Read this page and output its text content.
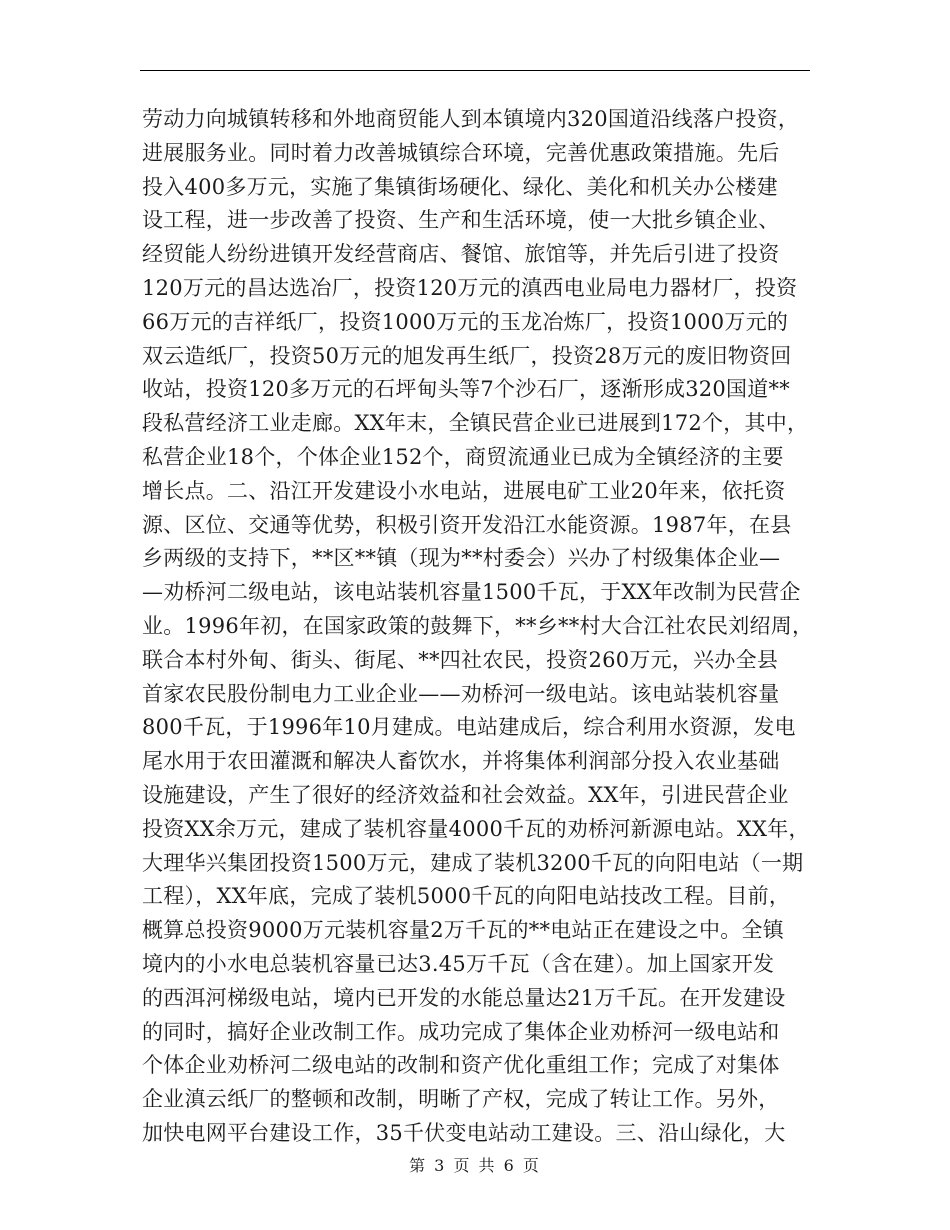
劳动力向城镇转移和外地商贸能人到本镇境内320国道沿线落户投资，
进展服务业。同时着力改善城镇综合环境，完善优惠政策措施。先后
投入400多万元，实施了集镇街场硬化、绿化、美化和机关办公楼建
设工程，进一步改善了投资、生产和生活环境，使一大批乡镇企业、
经贸能人纷纷进镇开发经营商店、餐馆、旅馆等，并先后引进了投资
120万元的昌达选冶厂，投资120万元的滇西电业局电力器材厂，投资
66万元的吉祥纸厂，投资1000万元的玉龙冶炼厂，投资1000万元的
双云造纸厂，投资50万元的旭发再生纸厂，投资28万元的废旧物资回
收站，投资120多万元的石坪甸头等7个沙石厂，逐渐形成320国道**
段私营经济工业走廊。XX年末，全镇民营企业已进展到172个，其中，
私营企业18个，个体企业152个，商贸流通业已成为全镇经济的主要
增长点。二、沿江开发建设小水电站，进展电矿工业20年来，依托资
源、区位、交通等优势，积极引资开发沿江水能资源。1987年，在县
乡两级的支持下，**区**镇（现为**村委会）兴办了村级集体企业—
—劝桥河二级电站，该电站装机容量1500千瓦，于XX年改制为民营企
业。1996年初，在国家政策的鼓舞下，**乡**村大合江社农民刘绍周，
联合本村外甸、街头、街尾、**四社农民，投资260万元，兴办全县
首家农民股份制电力工业企业——劝桥河一级电站。该电站装机容量
800千瓦，于1996年10月建成。电站建成后，综合利用水资源，发电
尾水用于农田灌溉和解决人畜饮水，并将集体利润部分投入农业基础
设施建设，产生了很好的经济效益和社会效益。XX年，引进民营企业
投资XX余万元，建成了装机容量4000千瓦的劝桥河新源电站。XX年，
大理华兴集团投资1500万元，建成了装机3200千瓦的向阳电站（一期
工程），XX年底，完成了装机5000千瓦的向阳电站技改工程。目前，
概算总投资9000万元装机容量2万千瓦的**电站正在建设之中。全镇
境内的小水电总装机容量已达3.45万千瓦（含在建）。加上国家开发
的西洱河梯级电站，境内已开发的水能总量达21万千瓦。在开发建设
的同时，搞好企业改制工作。成功完成了集体企业劝桥河一级电站和
个体企业劝桥河二级电站的改制和资产优化重组工作；完成了对集体
企业滇云纸厂的整顿和改制，明晰了产权，完成了转让工作。另外，
加快电网平台建设工作，35千伏变电站动工建设。三、沿山绿化，大
第 3 页 共 6 页
